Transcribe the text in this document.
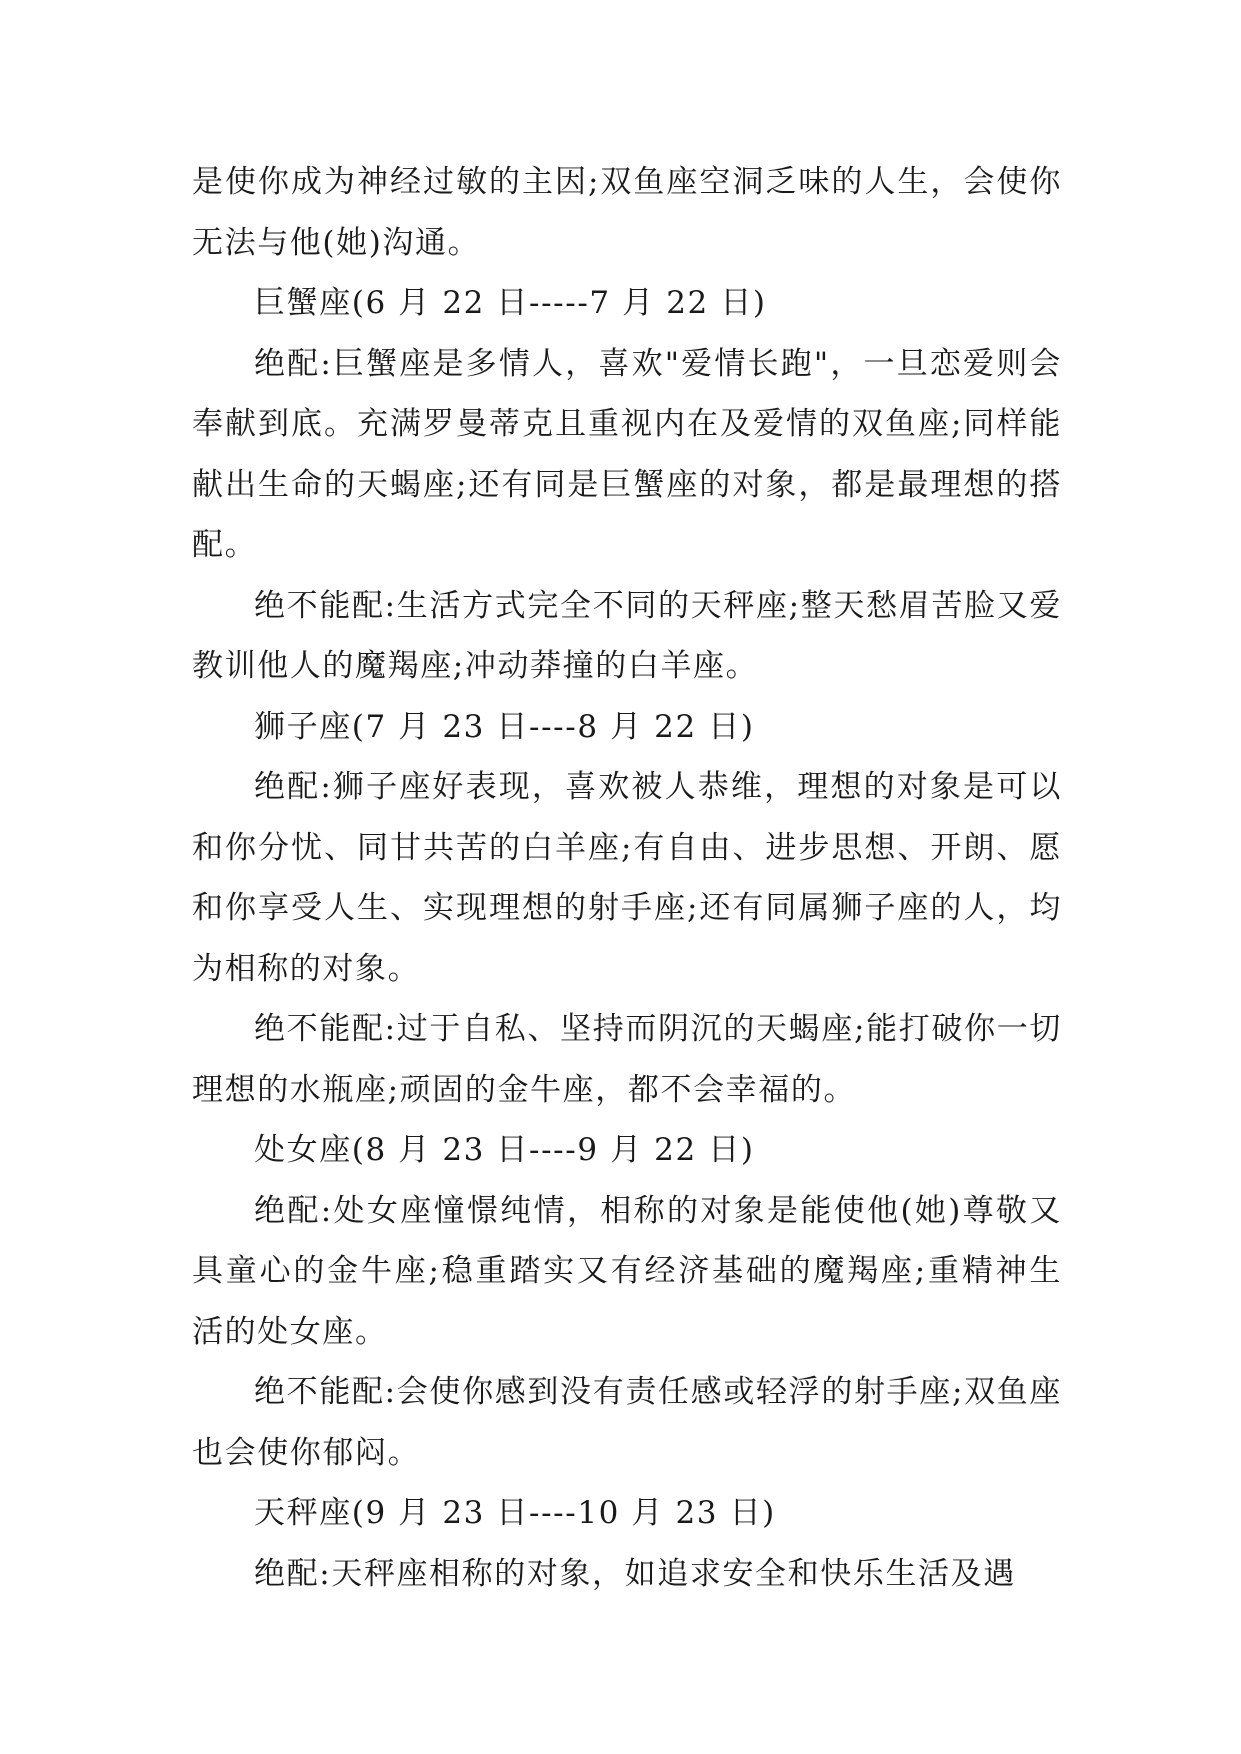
是使你成为神经过敏的主因;双鱼座空洞乏味的人生，会使你无法与他(她)沟通。

巨蟹座(6 月 22 日-----7 月 22 日)

绝配:巨蟹座是多情人，喜欢"爱情长跑"，一旦恋爱则会奉献到底。充满罗曼蒂克且重视内在及爱情的双鱼座;同样能献出生命的天蝎座;还有同是巨蟹座的对象，都是最理想的搭配。

绝不能配:生活方式完全不同的天秤座;整天愁眉苦脸又爱教训他人的魔羯座;冲动莽撞的白羊座。

狮子座(7 月 23 日----8 月 22 日)

绝配:狮子座好表现，喜欢被人恭维，理想的对象是可以和你分忧、同甘共苦的白羊座;有自由、进步思想、开朗、愿和你享受人生、实现理想的射手座;还有同属狮子座的人，均为相称的对象。

绝不能配:过于自私、坚持而阴沉的天蝎座;能打破你一切理想的水瓶座;顽固的金牛座，都不会幸福的。

处女座(8 月 23 日----9 月 22 日)

绝配:处女座憧憬纯情，相称的对象是能使他(她)尊敬又具童心的金牛座;稳重踏实又有经济基础的魔羯座;重精神生活的处女座。

绝不能配:会使你感到没有责任感或轻浮的射手座;双鱼座也会使你郁闷。

天秤座(9 月 23 日----10 月 23 日)

绝配:天秤座相称的对象，如追求安全和快乐生活及遇
